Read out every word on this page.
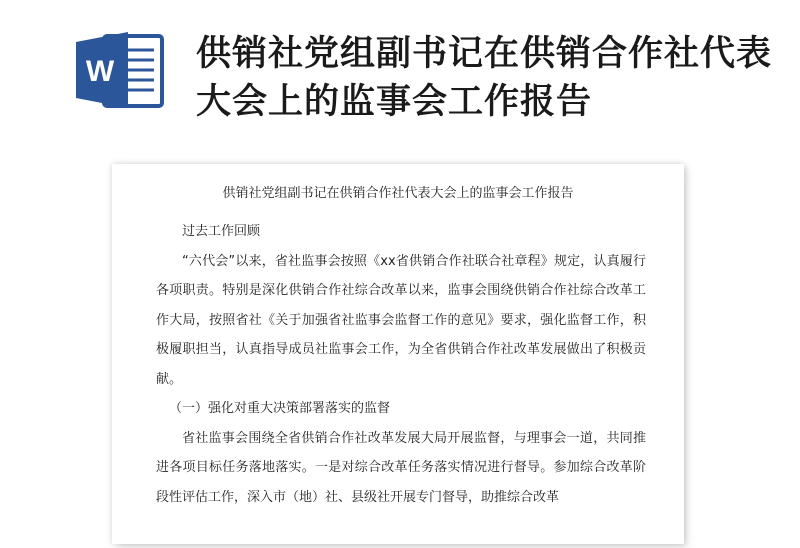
W 供销社党组副书记在供销合作社代表大会上的监事会工作报告
供销社党组副书记在供销合作社代表大会上的监事会工作报告

过去工作回顾

“六代会”以来，省社监事会按照《xx省供销合作社联合社章程》规定，认真履行各项职责。特别是深化供销合作社综合改革以来，监事会围绕供销合作社综合改革工作大局，按照省社《关于加强省社监事会监督工作的意见》要求，强化监督工作，积极履职担当，认真指导成员社监事会工作，为全省供销合作社改革发展做出了积极贡献。

（一）强化对重大决策部署落实的监督

省社监事会围绕全省供销合作社改革发展大局开展监督，与理事会一道，共同推进各项目标任务落地落实。一是对综合改革任务落实情况进行督导。参加综合改革阶段性评估工作，深入市（地）社、县级社开展专门督导，助推综合改革
